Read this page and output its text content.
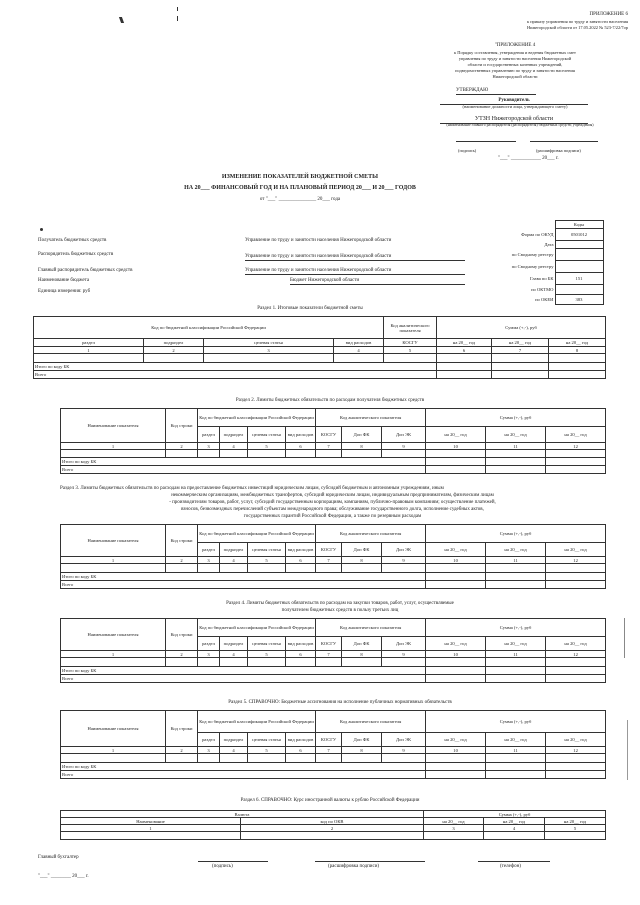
ПРИЛОЖЕНИЕ 6
к приказу управления по труду и занятости населения
Нижегородской области от 17.05.2022 № 523-7/22/7ор
"ПРИЛОЖЕНИЕ 4
к Порядку составления, утверждения и ведения бюджетных смет
управления по труду и занятости населения Нижегородской
области и государственных казенных учреждений,
подведомственных управлению по труду и занятости населения
Нижегородской области
УТВЕРЖДАЮ
Руководитель
(наименование должности лица, утверждающего смету)
УТЗН Нижегородской области
(наименование главного распорядителя (распорядителя) бюджетных средств; учреждения)
(подпись)	(расшифровка подписи)
"___" ____________ 20___ г.
ИЗМЕНЕНИЕ ПОКАЗАТЕЛЕЙ БЮДЖЕТНОЙ СМЕТЫ
НА 20___ ФИНАНСОВЫЙ ГОД И НА ПЛАНОВЫЙ ПЕРИОД 20___ И 20___ ГОДОВ
от "___" _______________ 20___ года
	Коды
Форма по ОКУД	0501012
Дата	
по Сводному реестру	
по Сводному реестру	
Глава по БК	151
по ОКТМО	
по ОКЕИ	383
Получатель бюджетных средств	Управление по труду и занятости населения Нижегородской области
Распорядитель бюджетных средств	Управление по труду и занятости населения Нижегородской области
Главный распорядитель бюджетных средств	Управление по труду и занятости населения Нижегородской области
Наименование бюджета	Бюджет Нижегородской области
Единица измерения: руб
Раздел 1. Итоговые показатели бюджетной сметы
Код по бюджетной классификации Российской Федерации				Код аналитического показателя	Сумма (+,-), руб		
раздел	подраздел	целевая статья	вид расходов	КОСГУ	на 20__ год	на 20__ год	на 20__ год
1	2	3	4	5	6	7	8

Итого по коду БК							
Всего							
Раздел 2. Лимиты бюджетных обязательств по расходам получателя бюджетных средств
Наименование показателя	Код строки	Код по бюджетной классификации Российской Федерации				Код аналитического показателя			Сумма (+,-), руб		
		раздел	подраздел	целевая статья	вид расходов	КОСГУ	Доп ФК	Доп ЭК	на 20__ год	на 20__ год	на 20__ год
1	2	3	4	5	6	7	8	9	10	11	12

Итого по коду БК											
Всего											
Раздел 3. Лимиты бюджетных обязательств по расходам на предоставление бюджетных инвестиций юридическим лицам, субсидий бюджетным и автономным учреждениям, иным
некоммерческим организациям, межбюджетных трансфертов, субсидий юридическим лицам, индивидуальным предпринимателям, физическим лицам
- производителям товаров, работ, услуг, субсидий государственным корпорациям, компаниям, публично-правовым компаниям; осуществление платежей,
взносов, безвозмездных перечислений субъектам международного права; обслуживание государственного долга, исполнение судебных актов,
государственных гарантий Российской Федерации, а также по резервным расходам
Наименование показателя	Код строки	Код по бюджетной классификации Российской Федерации				Код аналитического показателя			Сумма (+,-), руб		
		раздел	подраздел	целевая статья	вид расходов	КОСГУ	Доп ФК	Доп ЭК	на 20__ год	на 20__ год	на 20__ год
1	2	3	4	5	6	7	8	9	10	11	12

Итого по коду БК											
Всего											
Раздел 4. Лимиты бюджетных обязательств по расходам на закупки товаров, работ, услуг, осуществляемые
получателем бюджетных средств в пользу третьих лиц
Наименование показателя	Код строки	Код по бюджетной классификации Российской Федерации				Код аналитического показателя			Сумма (+,-), руб		
		раздел	подраздел	целевая статья	вид расходов	КОСГУ	Доп ФК	Доп ЭК	на 20__ год	на 20__ год	на 20__ год
1	2	3	4	5	6	7	8	9	10	11	12

Итого по коду БК											
Всего											
Раздел 5. СПРАВОЧНО: Бюджетные ассигнования на исполнение публичных нормативных обязательств
Наименование показателя	Код строки	Код по бюджетной классификации Российской Федерации				Код аналитического показателя			Сумма (+,-), руб		
		раздел	подраздел	целевая статья	вид расходов	КОСГУ	Доп ФК	Доп ЭК	на 20__ год	на 20__ год	на 20__ год
1	2	3	4	5	6	7	8	9	10	11	12

Итого по коду БК											
Всего											
Раздел 6. СПРАВОЧНО: Курс иностранной валюты к рублю Российской Федерации
Валюта		Сумма (+,-), руб		
Наименование	код по ОКВ	на 20__ год	на 20__ год	на 20__ год
1	2	3	4	5

Главный бухгалтер
(подпись)	(расшифровка подписи)	(телефон)
"___" ________ 20___ г.
